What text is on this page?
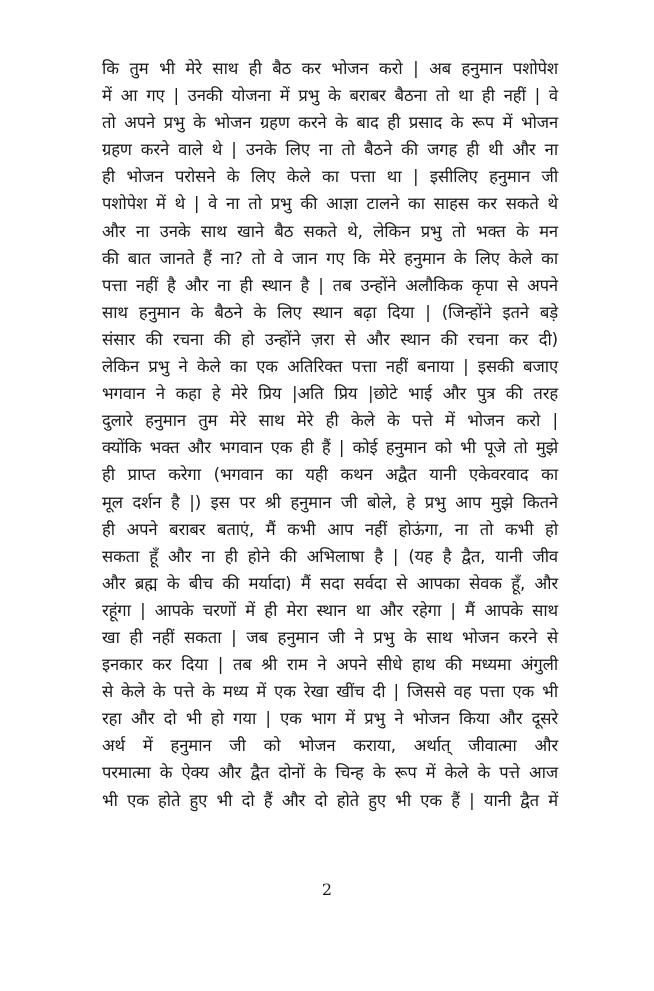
कि तुम भी मेरे साथ ही बैठ कर भोजन करो | अब हनुमान पशोपेश
में आ गए | उनकी योजना में प्रभु के बराबर बैठना तो था ही नहीं | वे
तो अपने प्रभु के भोजन ग्रहण करने के बाद ही प्रसाद के रूप में भोजन
ग्रहण करने वाले थे | उनके लिए ना तो बैठने की जगह ही थी और ना
ही भोजन परोसने के लिए केले का पत्ता था | इसीलिए हनुमान जी
पशोपेश में थे | वे ना तो प्रभु की आज्ञा टालने का साहस कर सकते थे
और ना उनके साथ खाने बैठ सकते थे, लेकिन प्रभु तो भक्त के मन
की बात जानते हैं ना? तो वे जान गए कि मेरे हनुमान के लिए केले का
पत्ता नहीं है और ना ही स्थान है | तब उन्होंने अलौकिक कृपा से अपने
साथ हनुमान के बैठने के लिए स्थान बढ़ा दिया | (जिन्होंने इतने बड़े
संसार की रचना की हो उन्होंने ज़रा से और स्थान की रचना कर दी)
लेकिन प्रभु ने केले का एक अतिरिक्त पत्ता नहीं बनाया | इसकी बजाए
भगवान ने कहा हे मेरे प्रिय |अति प्रिय |छोटे भाई और पुत्र की तरह
दुलारे हनुमान तुम मेरे साथ मेरे ही केले के पत्ते में भोजन करो |
क्योंकि भक्त और भगवान एक ही हैं | कोई हनुमान को भी पूजे तो मुझे
ही प्राप्त करेगा (भगवान का यही कथन अद्वैत यानी एकेवरवाद का
मूल दर्शन है |) इस पर श्री हनुमान जी बोले, हे प्रभु आप मुझे कितने
ही अपने बराबर बताएं, मैं कभी आप नहीं होऊंगा, ना तो कभी हो
सकता हूँ और ना ही होने की अभिलाषा है | (यह है द्वैत, यानी जीव
और ब्रह्म के बीच की मर्यादा) मैं सदा सर्वदा से आपका सेवक हूँ, और
रहूंगा | आपके चरणों में ही मेरा स्थान था और रहेगा | मैं आपके साथ
खा ही नहीं सकता | जब हनुमान जी ने प्रभु के साथ भोजन करने से
इनकार कर दिया | तब श्री राम ने अपने सीधे हाथ की मध्यमा अंगुली
से केले के पत्ते के मध्य में एक रेखा खींच दी | जिससे वह पत्ता एक भी
रहा और दो भी हो गया | एक भाग में प्रभु ने भोजन किया और दूसरे
अर्थ में हनुमान जी को भोजन कराया, अर्थात् जीवात्मा और
परमात्मा के ऐक्य और द्वैत दोनों के चिन्ह के रूप में केले के पत्ते आज
भी एक होते हुए भी दो हैं और दो होते हुए भी एक हैं | यानी द्वैत में
2
